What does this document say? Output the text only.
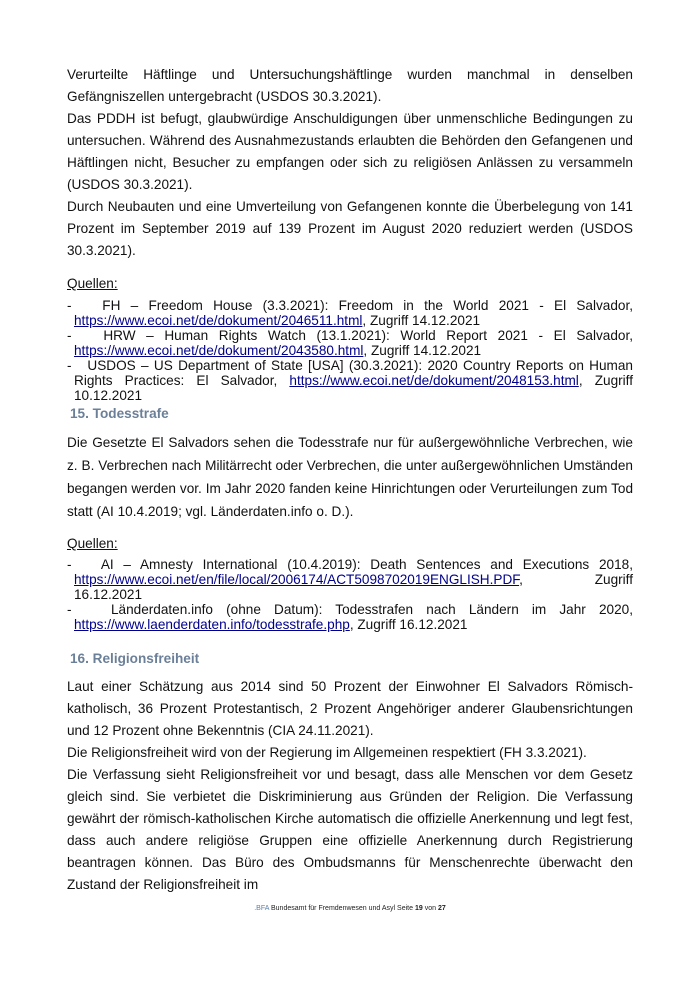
Verurteilte Häftlinge und Untersuchungshäftlinge wurden manchmal in denselben Gefängniszellen untergebracht (USDOS 30.3.2021).
Das PDDH ist befugt, glaubwürdige Anschuldigungen über unmenschliche Bedingungen zu untersuchen. Während des Ausnahmezustands erlaubten die Behörden den Gefangenen und Häftlingen nicht, Besucher zu empfangen oder sich zu religiösen Anlässen zu versammeln (USDOS 30.3.2021).
Durch Neubauten und eine Umverteilung von Gefangenen konnte die Überbelegung von 141 Prozent im September 2019 auf 139 Prozent im August 2020 reduziert werden (USDOS 30.3.2021).
Quellen:
-   FH – Freedom House (3.3.2021): Freedom in the World 2021 - El Salvador, https://www.ecoi.net/de/dokument/2046511.html, Zugriff 14.12.2021
-   HRW – Human Rights Watch (13.1.2021): World Report 2021 - El Salvador, https://www.ecoi.net/de/dokument/2043580.html, Zugriff 14.12.2021
-   USDOS – US Department of State [USA] (30.3.2021): 2020 Country Reports on Human Rights Practices: El Salvador, https://www.ecoi.net/de/dokument/2048153.html, Zugriff 10.12.2021
15. Todesstrafe
Die Gesetzte El Salvadors sehen die Todesstrafe nur für außergewöhnliche Verbrechen, wie z. B. Verbrechen nach Militärrecht oder Verbrechen, die unter außergewöhnlichen Umständen begangen werden vor. Im Jahr 2020 fanden keine Hinrichtungen oder Verurteilungen zum Tod statt (AI 10.4.2019; vgl. Länderdaten.info o. D.).
Quellen:
-   AI – Amnesty International (10.4.2019): Death Sentences and Executions 2018, https://www.ecoi.net/en/file/local/2006174/ACT5098702019ENGLISH.PDF, Zugriff 16.12.2021
-   Länderdaten.info (ohne Datum): Todesstrafen nach Ländern im Jahr 2020, https://www.laenderdaten.info/todesstrafe.php, Zugriff 16.12.2021
16. Religionsfreiheit
Laut einer Schätzung aus 2014 sind 50 Prozent der Einwohner El Salvadors Römisch-katholisch, 36 Prozent Protestantisch, 2 Prozent Angehöriger anderer Glaubensrichtungen und 12 Prozent ohne Bekenntnis (CIA 24.11.2021).
Die Religionsfreiheit wird von der Regierung im Allgemeinen respektiert (FH 3.3.2021).
Die Verfassung sieht Religionsfreiheit vor und besagt, dass alle Menschen vor dem Gesetz gleich sind. Sie verbietet die Diskriminierung aus Gründen der Religion. Die Verfassung gewährt der römisch-katholischen Kirche automatisch die offizielle Anerkennung und legt fest, dass auch andere religiöse Gruppen eine offizielle Anerkennung durch Registrierung beantragen können. Das Büro des Ombudsmanns für Menschenrechte überwacht den Zustand der Religionsfreiheit im
.BFA Bundesamt für Fremdenwesen und Asyl Seite 19 von 27
